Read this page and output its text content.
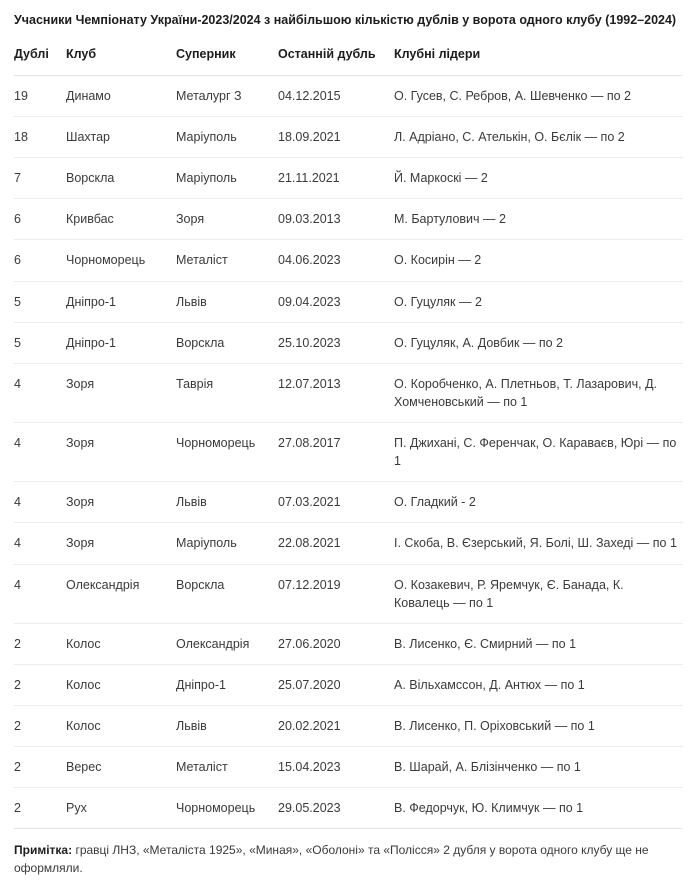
Учасники Чемпіонату України-2023/2024 з найбільшою кількістю дублів у ворота одного клубу (1992–2024)
Дублі	Клуб	Суперник	Останній дубль	Клубні лідери
19	Динамо	Металург З	04.12.2015	О. Гусев, С. Ребров, А. Шевченко — по 2
18	Шахтар	Маріуполь	18.09.2021	Л. Адріано, С. Ателькін, О. Бєлік — по 2
7	Ворскла	Маріуполь	21.11.2021	Й. Маркоскі — 2
6	Кривбас	Зоря	09.03.2013	М. Бартулович — 2
6	Чорноморець	Металіст	04.06.2023	О. Косирін — 2
5	Дніпро-1	Львів	09.04.2023	О. Гуцуляк — 2
5	Дніпро-1	Ворскла	25.10.2023	О. Гуцуляк, А. Довбик — по 2
4	Зоря	Таврія	12.07.2013	О. Коробченко, А. Плетньов, Т. Лазарович, Д. Хомченовський — по 1
4	Зоря	Чорноморець	27.08.2017	П. Джихані, С. Ференчак, О. Караваєв, Юрі — по 1
4	Зоря	Львів	07.03.2021	О. Гладкий - 2
4	Зоря	Маріуполь	22.08.2021	І. Скоба, В. Єзерський, Я. Болі, Ш. Захеді — по 1
4	Олександрія	Ворскла	07.12.2019	О. Козакевич, Р. Яремчук, Є. Банада, К. Ковалець — по 1
2	Колос	Олександрія	27.06.2020	В. Лисенко, Є. Смирний — по 1
2	Колос	Дніпро-1	25.07.2020	А. Вільхамссон, Д. Антюх — по 1
2	Колос	Львів	20.02.2021	В. Лисенко, П. Оріховський — по 1
2	Верес	Металіст	15.04.2023	В. Шарай, А. Блізінченко — по 1
2	Рух	Чорноморець	29.05.2023	В. Федорчук, Ю. Климчук — по 1
Примітка: гравці ЛНЗ, «Металіста 1925», «Миная», «Оболоні» та «Полісся» 2 дубля у ворота одного клубу ще не оформляли.
